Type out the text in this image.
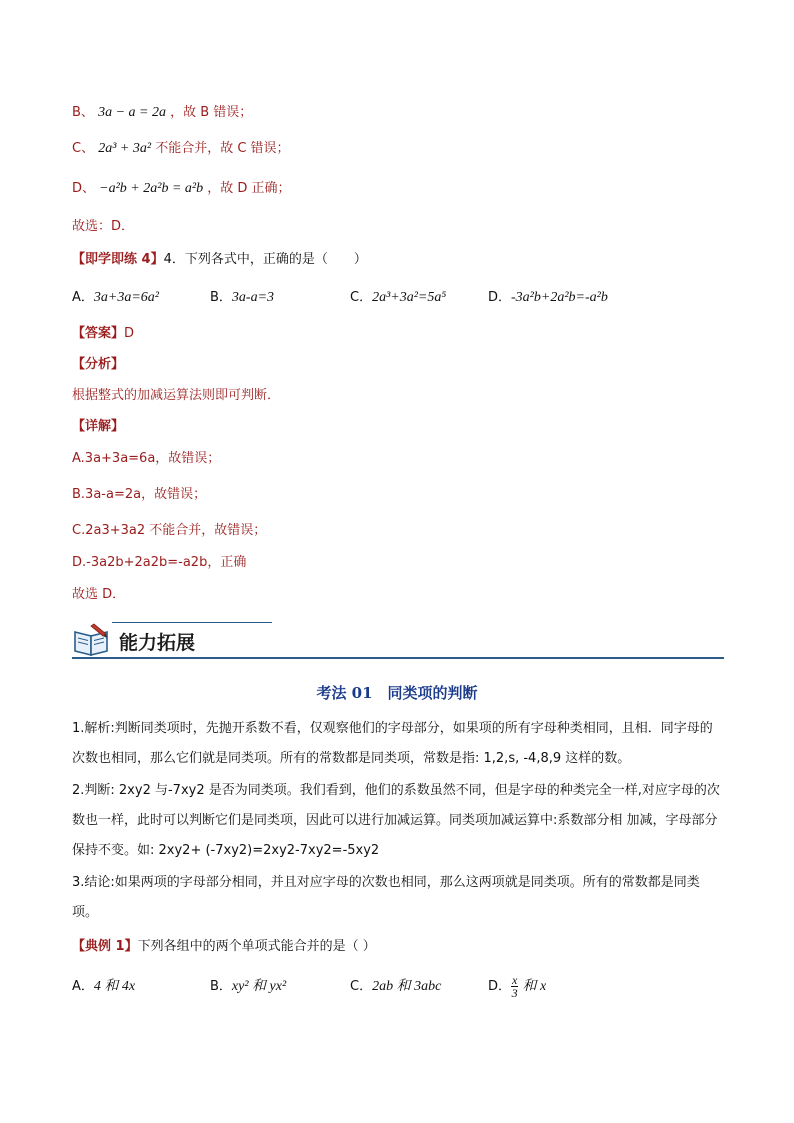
B、 3a − a = 2a ，故 B 错误；
C、 2a³ + 3a² 不能合并，故 C 错误；
D、 −a²b + 2a²b = a²b ，故 D 正确；
故选：D．
【即学即练 4】4．下列各式中，正确的是（　　）
A．3a+3a=6a²	B．3a-a=3	C．2a³+3a²=5a⁵	D．-3a²b+2a²b=-a²b
【答案】D
【分析】
根据整式的加减运算法则即可判断．
【详解】
A.3a+3a=6a，故错误；
B.3a-a=2a，故错误；
C.2a3+3a2 不能合并，故错误；
D.-3a2b+2a2b=-a2b，正确
故选 D．
能力拓展
考法 01　同类项的判断
1.解析:判断同类项时，先抛开系数不看，仅观察他们的字母部分，如果项的所有字母种类相同，且相．同字母的次数也相同，那么它们就是同类项。所有的常数都是同类项，常数是指: 1,2,s, -4,8,9 这样的数。
2.判断: 2xy2 与-7xy2 是否为同类项。我们看到，他们的系数虽然不同，但是字母的种类完全一样,对应字母的次数也一样，此时可以判断它们是同类项，因此可以进行加减运算。同类项加减运算中:系数部分相 加减，字母部分保持不变。如: 2xy2+ (-7xy2)=2xy2-7xy2=-5xy2
3.结论:如果两项的字母部分相同，并且对应字母的次数也相同，那么这两项就是同类项。所有的常数都是同类项。
【典例 1】下列各组中的两个单项式能合并的是（ ）
A．4 和 4x	B．xy² 和 yx²	C．2ab 和 3abc	D． $\frac{x}{3}$ 和 x
